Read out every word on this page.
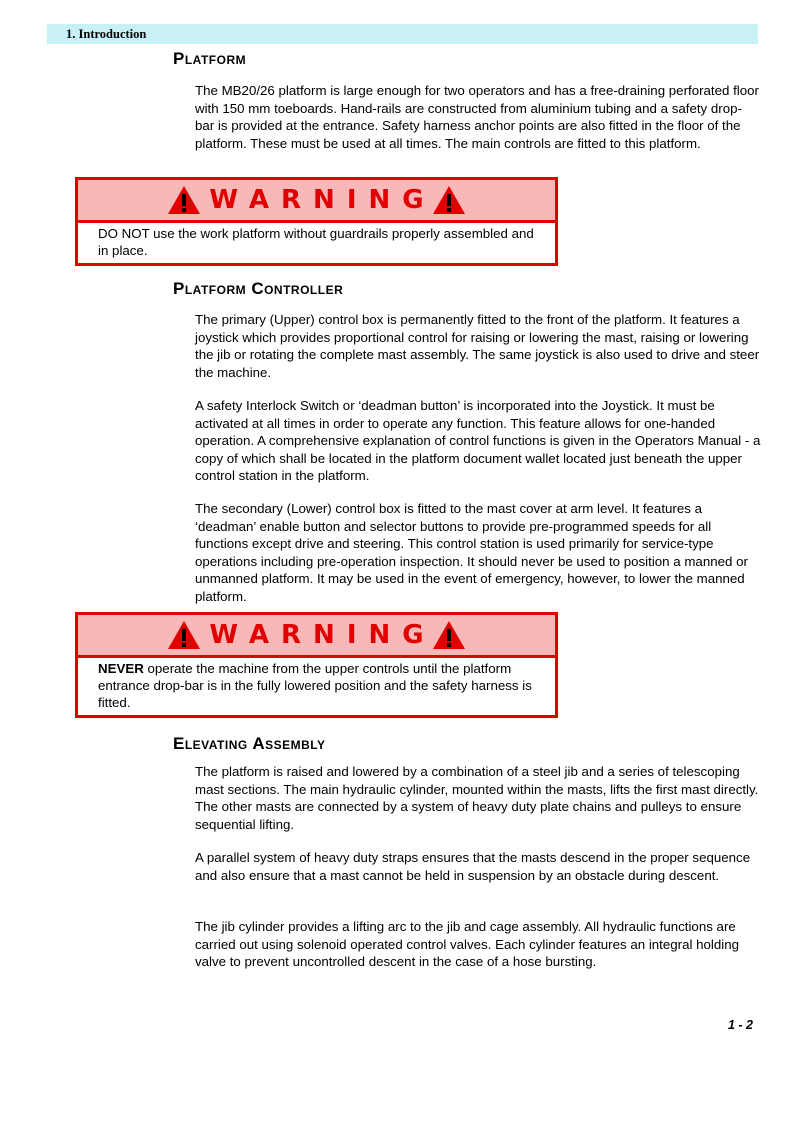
1. Introduction
Platform

The MB20/26 platform is large enough for two operators and has a free-draining perforated floor with 150 mm toeboards. Hand-rails are constructed from aluminium tubing and a safety drop-bar is provided at the entrance. Safety harness anchor points are also fitted in the floor of the platform. These must be used at all times. The main controls are fitted to this platform.

WARNING
DO NOT use the work platform without guardrails properly assembled and in place.
Platform Controller

The primary (Upper) control box is permanently fitted to the front of the platform. It features a joystick which provides proportional control for raising or lowering the mast, raising or lowering the jib or rotating the complete mast assembly. The same joystick is also used to drive and steer the machine.

A safety Interlock Switch or ‘deadman button’ is incorporated into the Joystick. It must be activated at all times in order to operate any function. This feature allows for one-handed operation. A comprehensive explanation of control functions is given in the Operators Manual - a copy of which shall be located in the platform document wallet located just beneath the upper control station in the platform.

The secondary (Lower) control box is fitted to the mast cover at arm level. It features a ‘deadman’ enable button and selector buttons to provide pre-programmed speeds for all functions except drive and steering. This control station is used primarily for service-type operations including pre-operation inspection. It should never be used to position a manned or unmanned platform. It may be used in the event of emergency, however, to lower the manned platform.

WARNING
NEVER operate the machine from the upper controls until the platform entrance drop-bar is in the fully lowered position and the safety harness is fitted.
Elevating Assembly

The platform is raised and lowered by a combination of a steel jib and a series of telescoping mast sections. The main hydraulic cylinder, mounted within the masts, lifts the first mast directly. The other masts are connected by a system of heavy duty plate chains and pulleys to ensure sequential lifting.

A parallel system of heavy duty straps ensures that the masts descend in the proper sequence and also ensure that a mast cannot be held in suspension by an obstacle during descent.

The jib cylinder provides a lifting arc to the jib and cage assembly. All hydraulic functions are carried out using solenoid operated control valves. Each cylinder features an integral holding valve to prevent uncontrolled descent in the case of a hose bursting.

1 - 2
